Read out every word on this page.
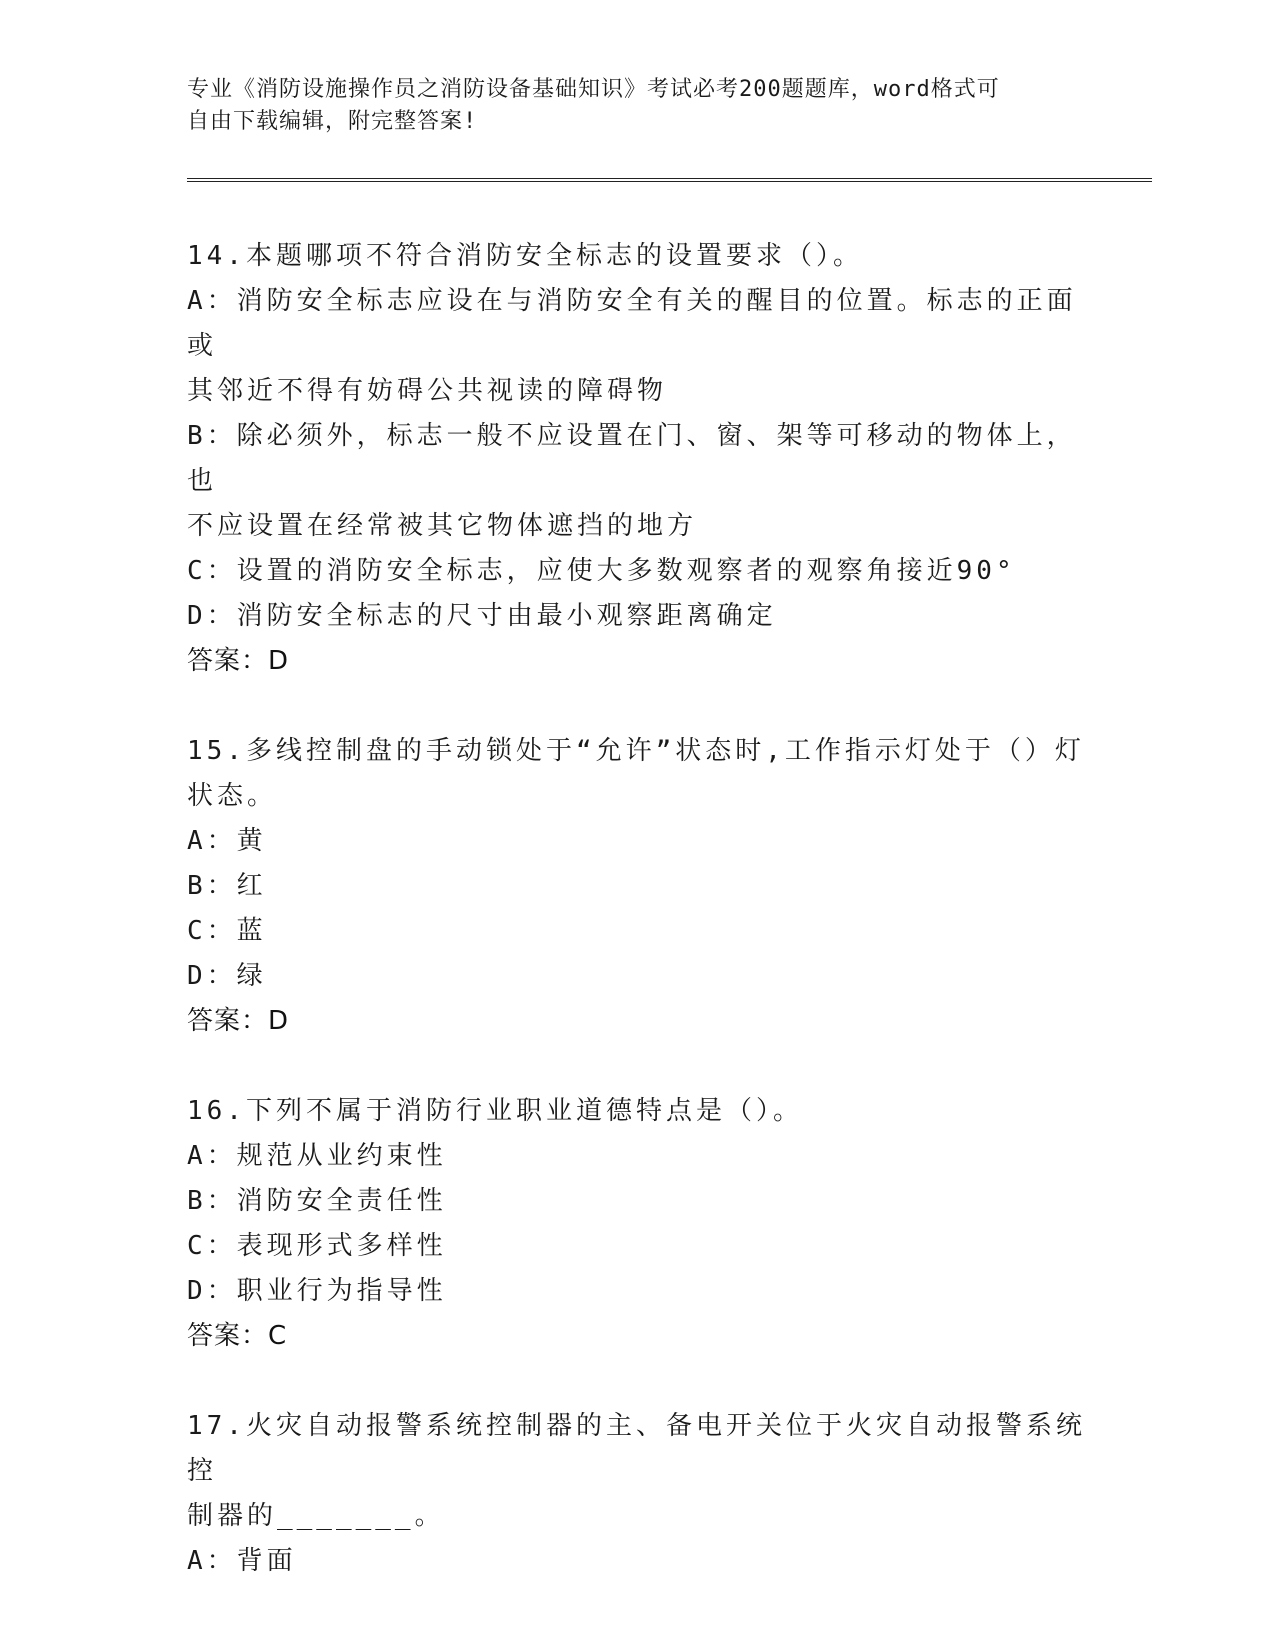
专业《消防设施操作员之消防设备基础知识》考试必考200题题库，word格式可
自由下载编辑，附完整答案!
14.本题哪项不符合消防安全标志的设置要求（）。
A：消防安全标志应设在与消防安全有关的醒目的位置。标志的正面或
其邻近不得有妨碍公共视读的障碍物
B：除必须外，标志一般不应设置在门、窗、架等可移动的物体上，也
不应设置在经常被其它物体遮挡的地方
C：设置的消防安全标志，应使大多数观察者的观察角接近90°
D：消防安全标志的尺寸由最小观察距离确定
答案：D
15.多线控制盘的手动锁处于“允许”状态时,工作指示灯处于（）灯
状态。
A：黄
B：红
C：蓝
D：绿
答案：D
16.下列不属于消防行业职业道德特点是（）。
A：规范从业约束性
B：消防安全责任性
C：表现形式多样性
D：职业行为指导性
答案：C
17.火灾自动报警系统控制器的主、备电开关位于火灾自动报警系统控
制器的_______。
A：背面
